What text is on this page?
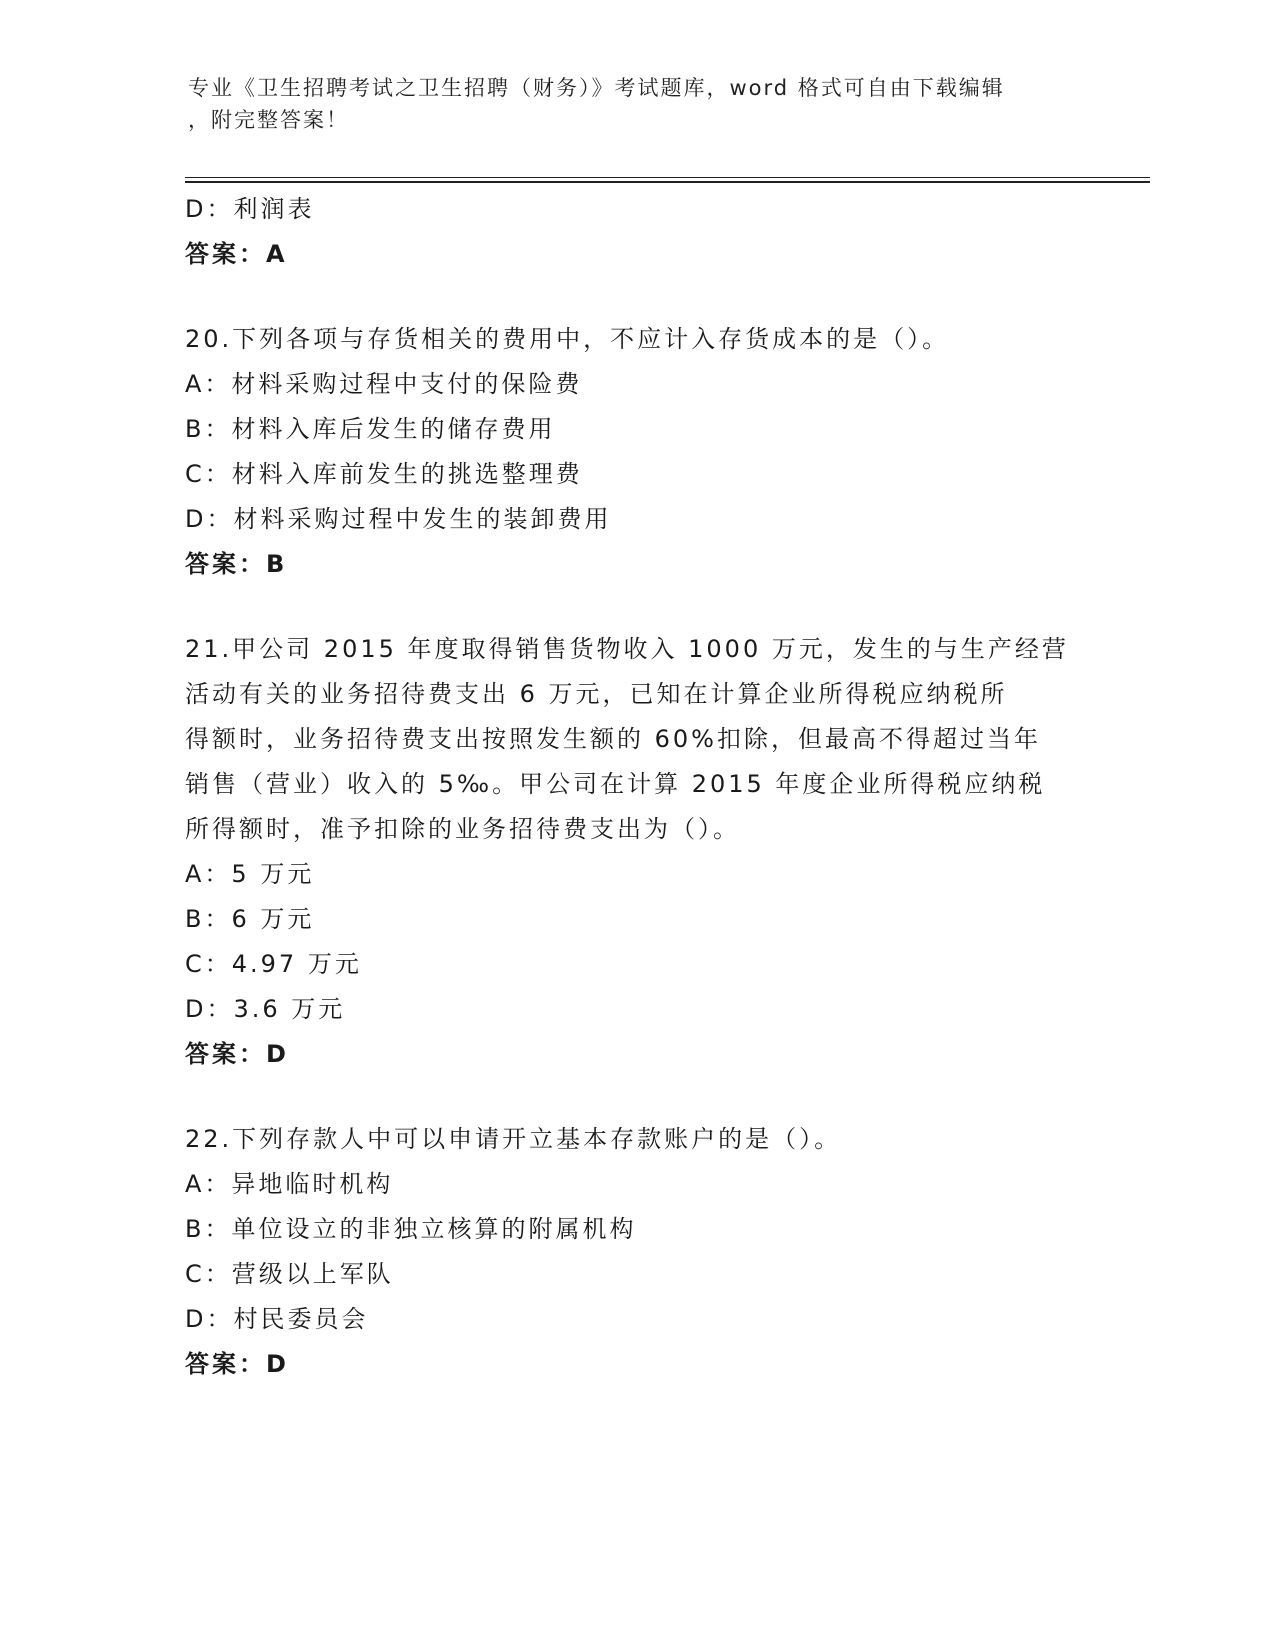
专业《卫生招聘考试之卫生招聘（财务）》考试题库，word 格式可自由下载编辑
，附完整答案！
D：利润表
答案：A
20.下列各项与存货相关的费用中，不应计入存货成本的是（）。
A：材料采购过程中支付的保险费
B：材料入库后发生的储存费用
C：材料入库前发生的挑选整理费
D：材料采购过程中发生的装卸费用
答案：B
21.甲公司 2015 年度取得销售货物收入 1000 万元，发生的与生产经营
活动有关的业务招待费支出 6 万元，已知在计算企业所得税应纳税所
得额时，业务招待费支出按照发生额的 60%扣除，但最高不得超过当年
销售（营业）收入的 5‰。甲公司在计算 2015 年度企业所得税应纳税
所得额时，准予扣除的业务招待费支出为（）。
A：5 万元
B：6 万元
C：4.97 万元
D：3.6 万元
答案：D
22.下列存款人中可以申请开立基本存款账户的是（）。
A：异地临时机构
B：单位设立的非独立核算的附属机构
C：营级以上军队
D：村民委员会
答案：D
